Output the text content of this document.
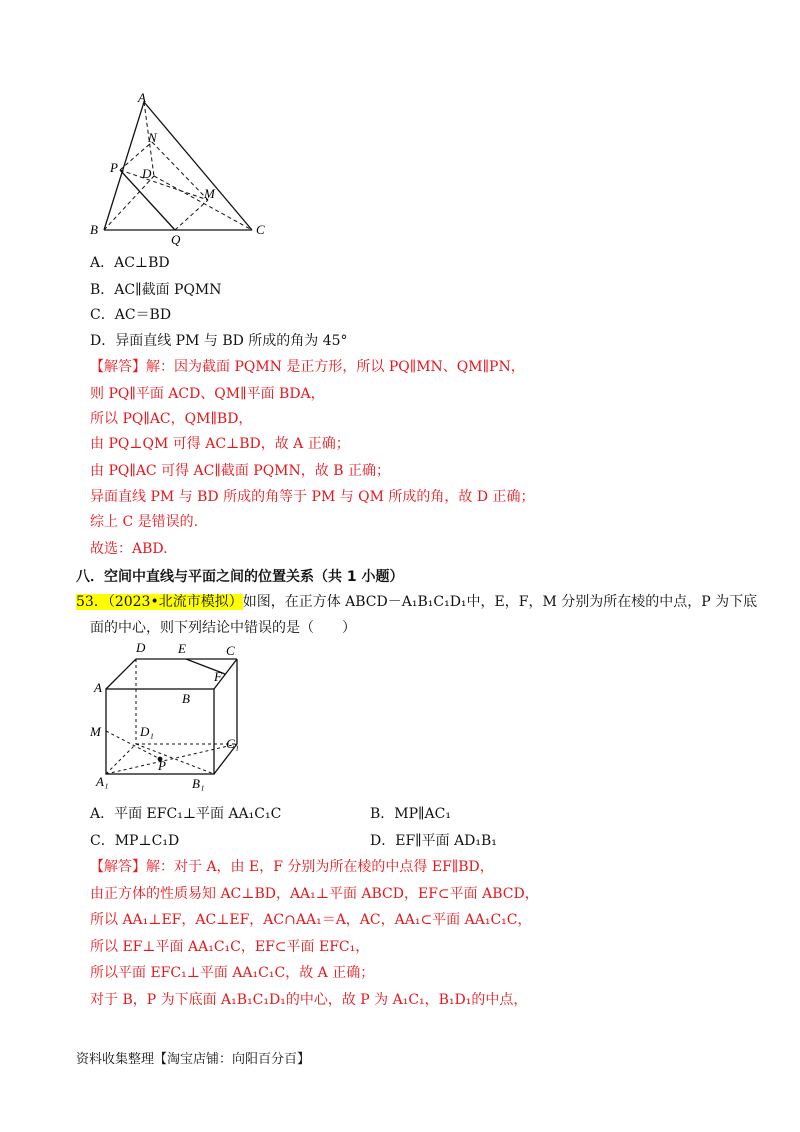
A
N
P D
M
B
Q
C
A．AC⊥BD
B．AC∥截面 PQMN
C．AC＝BD
D．异面直线 PM 与 BD 所成的角为 45°
【解答】解：因为截面 PQMN 是正方形，所以 PQ∥MN、QM∥PN，
则 PQ∥平面 ACD、QM∥平面 BDA，
所以 PQ∥AC，QM∥BD，
由 PQ⊥QM 可得 AC⊥BD，故 A 正确；
由 PQ∥AC 可得 AC∥截面 PQMN，故 B 正确；
异面直线 PM 与 BD 所成的角等于 PM 与 QM 所成的角，故 D 正确；
综上 C 是错误的.
故选：ABD.
八．空间中直线与平面之间的位置关系（共 1 小题）
53．（2023•北流市模拟）如图，在正方体 ABCD－A₁B₁C₁D₁中，E，F，M 分别为所在棱的中点，P 为下底
面的中心，则下列结论中错误的是（　　）
D	E	C
F
A
B
M	D₁
C₁
P
A₁	B₁
A．平面 EFC₁⊥平面 AA₁C₁C	B．MP∥AC₁
C．MP⊥C₁D	D．EF∥平面 AD₁B₁
【解答】解：对于 A，由 E，F 分别为所在棱的中点得 EF∥BD，
由正方体的性质易知 AC⊥BD，AA₁⊥平面 ABCD，EF⊂平面 ABCD，
所以 AA₁⊥EF，AC⊥EF，AC∩AA₁＝A，AC，AA₁⊂平面 AA₁C₁C，
所以 EF⊥平面 AA₁C₁C，EF⊂平面 EFC₁，
所以平面 EFC₁⊥平面 AA₁C₁C，故 A 正确；
对于 B，P 为下底面 A₁B₁C₁D₁的中心，故 P 为 A₁C₁，B₁D₁的中点，
资料收集整理【淘宝店铺：向阳百分百】
